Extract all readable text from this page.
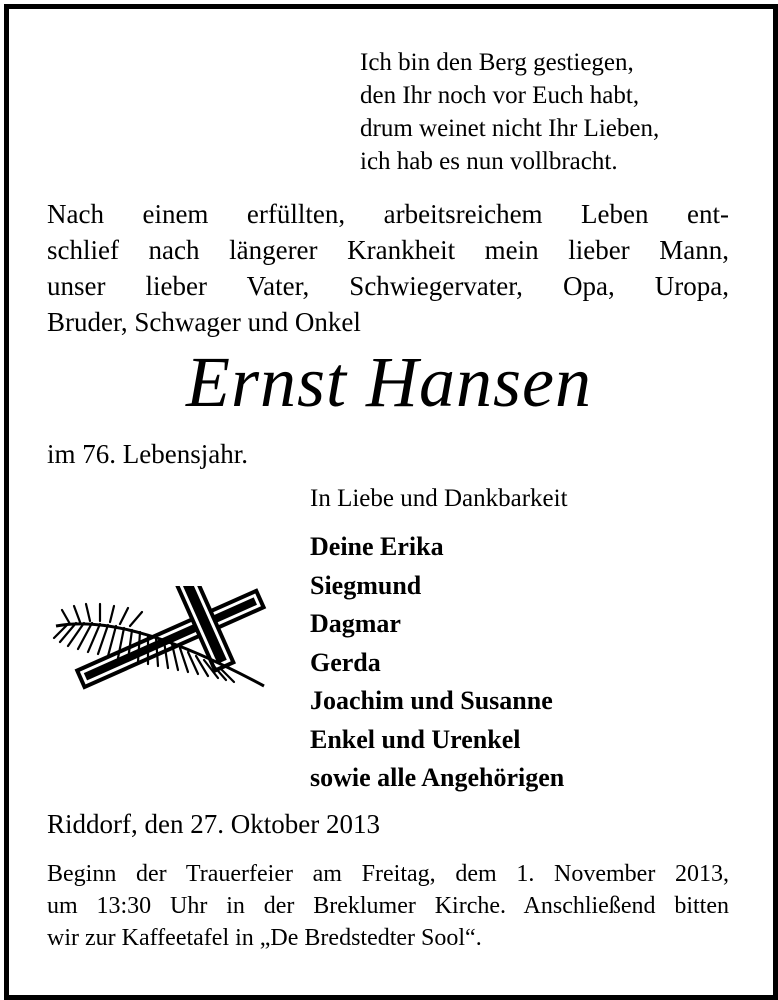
Ich bin den Berg gestiegen,
den Ihr noch vor Euch habt,
drum weinet nicht Ihr Lieben,
ich hab es nun vollbracht.
Nach einem erfüllten, arbeitsreichem Leben ent-
schlief nach längerer Krankheit mein lieber Mann,
unser lieber Vater, Schwiegervater, Opa, Uropa,
Bruder, Schwager und Onkel
Ernst Hansen
im 76. Lebensjahr.
In Liebe und Dankbarkeit
Deine Erika
Siegmund
Dagmar
Gerda
Joachim und Susanne
Enkel und Urenkel
sowie alle Angehörigen
Riddorf, den 27. Oktober 2013
Beginn der Trauerfeier am Freitag, dem 1. November 2013,
um 13:30 Uhr in der Breklumer Kirche. Anschließend bitten
wir zur Kaffeetafel in „De Bredstedter Sool“.
